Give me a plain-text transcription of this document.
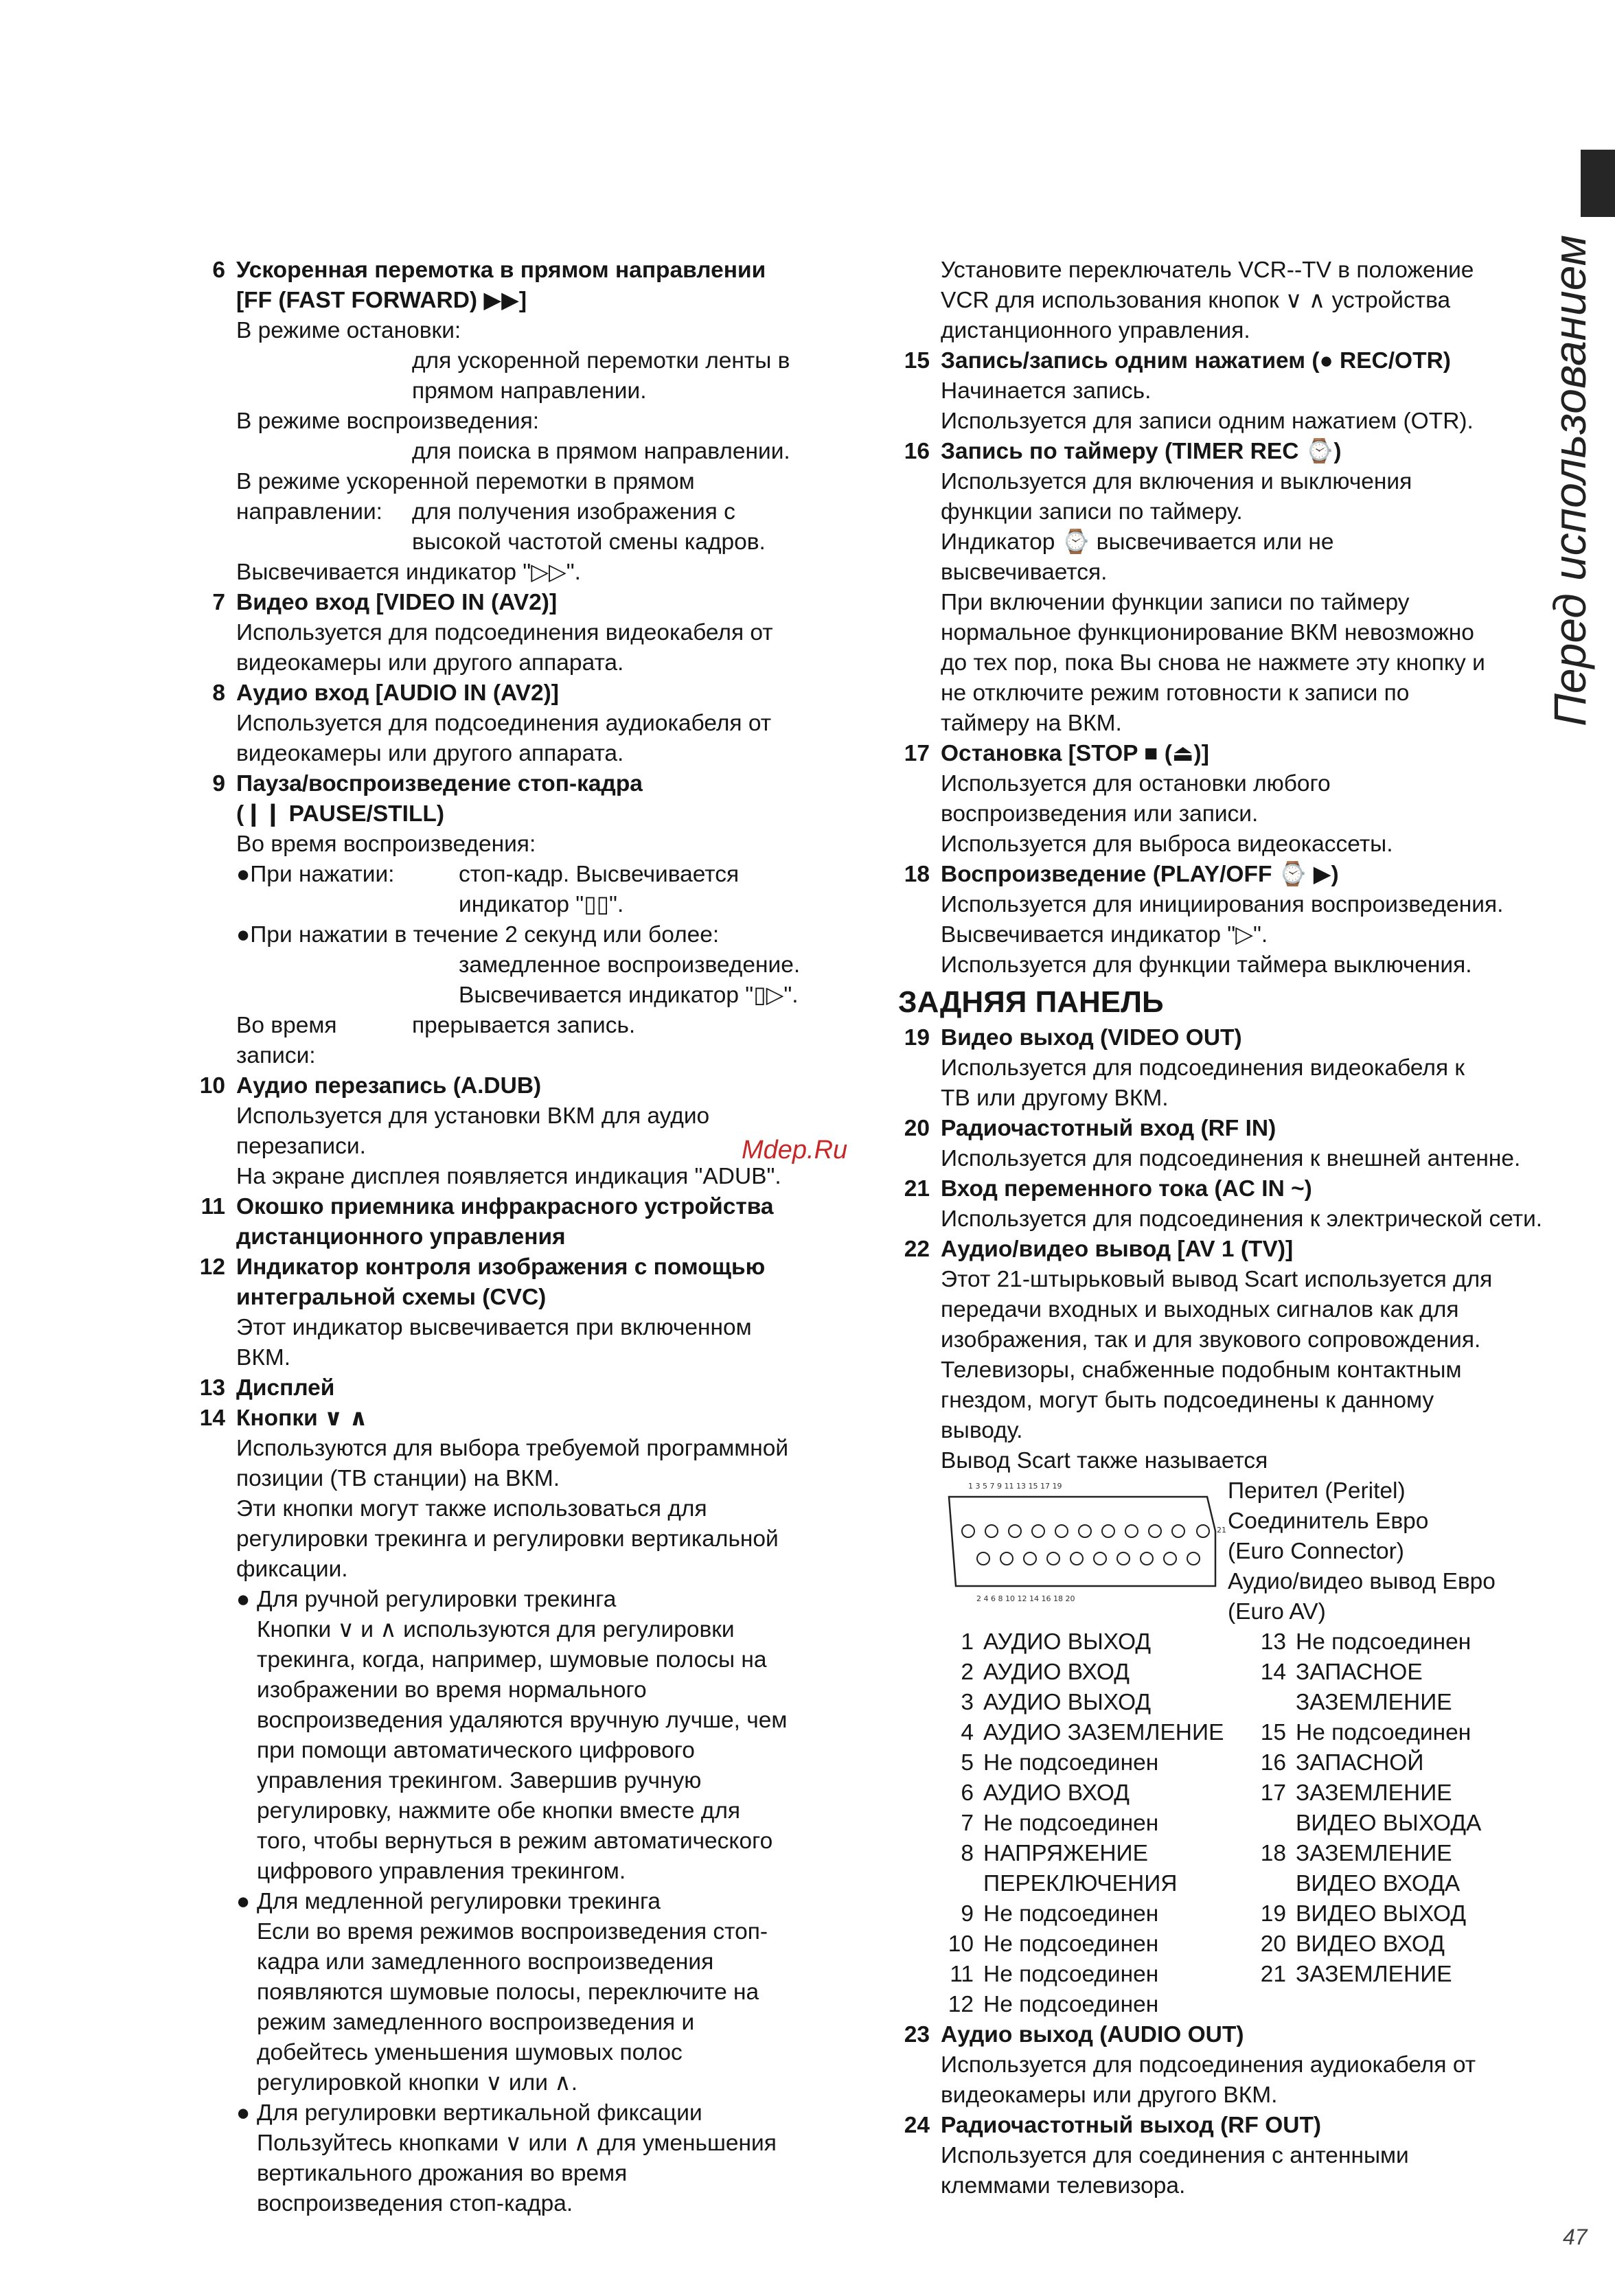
Перед использованием

6 Ускоренная перемотка в прямом направлении

[FF (FAST FORWARD) ▶▶]

В режиме остановки:

для ускоренной перемотки ленты в

прямом направлении.

В режиме воспроизведения:

для поиска в прямом направлении.

В режиме ускоренной перемотки в прямом

направлении:	для получения изображения с

высокой частотой смены кадров.

Высвечивается индикатор "▷▷".

7 Видео вход [VIDEO IN (AV2)]

Используется для подсоединения видеокабеля от

видеокамеры или другого аппарата.

8 Аудио вход [AUDIO IN (AV2)]

Используется для подсоединения аудиокабеля от

видеокамеры или другого аппарата.

9 Пауза/воспроизведение стоп-кадра

(❙❙ PAUSE/STILL)

Во время воспроизведения:

●При нажатии:	стоп-кадр. Высвечивается

индикатор "▯▯".

●При нажатии в течение 2 секунд или более:

замедленное воспроизведение.

Высвечивается индикатор "▯▷".

Во время записи:
прерывается запись.

10 Аудио перезапись (A.DUB)

Используется для установки ВКМ для аудио

перезаписи.

На экране дисплея появляется индикация "ADUB".

11 Окошко приемника инфракрасного устройства

дистанционного управления

12 Индикатор контроля изображения с помощью

интегральной схемы (CVC)

Этот индикатор высвечивается при включенном

ВКМ.

13 Дисплей

14 Кнопки ∨ ∧

Используются для выбора требуемой программной

позиции (ТВ станции) на ВКМ.

Эти кнопки могут также использоваться для

регулировки трекинга и регулировки вертикальной

фиксации.

● Для ручной регулировки трекинга

Кнопки ∨ и ∧ используются для регулировки

трекинга, когда, например, шумовые полосы на

изображении во время нормального

воспроизведения удаляются вручную лучше, чем

при помощи автоматического цифрового

управления трекингом. Завершив ручную

регулировку, нажмите обе кнопки вместе для

того, чтобы вернуться в режим автоматического

цифрового управления трекингом.

● Для медленной регулировки трекинга

Если во время режимов воспроизведения стоп-

кадра или замедленного воспроизведения

появляются шумовые полосы, переключите на

режим замедленного воспроизведения и

добейтесь уменьшения шумовых полос

регулировкой кнопки ∨ или ∧.

● Для регулировки вертикальной фиксации

Пользуйтесь кнопками ∨ или ∧ для уменьшения

вертикального дрожания во время

воспроизведения стоп-кадра.

Установите переключатель VCR--TV в положение

VCR для использования кнопок ∨ ∧ устройства

дистанционного управления.

15 Запись/запись одним нажатием (● REC/OTR)

Начинается запись.

Используется для записи одним нажатием (OTR).

16 Запись по таймеру (TIMER REC ⌚)

Используется для включения и выключения

функции записи по таймеру.

Индикатор ⌚ высвечивается или не

высвечивается.

При включении функции записи по таймеру

нормальное функционирование ВКМ невозможно

до тех пор, пока Вы снова не нажмете эту кнопку и

не отключите режим готовности к записи по

таймеру на ВКМ.

17 Остановка [STOP ■ (⏏)]

Используется для остановки любого

воспроизведения или записи.

Используется для выброса видеокассеты.

18 Воспроизведение (PLAY/OFF ⌚ ▶)

Используется для инициирования воспроизведения.

Высвечивается индикатор "▷".

Используется для функции таймера выключения.

ЗАДНЯЯ ПАНЕЛЬ

19 Видео выход (VIDEO OUT)

Используется для подсоединения видеокабеля к

ТВ или другому ВКМ.

20 Радиочастотный вход (RF IN)

Используется для подсоединения к внешней антенне.

21 Вход переменного тока (AC IN ~)

Используется для подсоединения к электрической сети.

22 Аудио/видео вывод [AV 1 (TV)]

Этот 21-штырьковый вывод Scart используется для

передачи входных и выходных сигналов как для

изображения, так и для звукового сопровождения.

Телевизоры, снабженные подобным контактным

гнездом, могут быть подсоединены к данному

выводу.

Вывод Scart также называется

1 3 5 7 9 11 13 15 17 19
21
2 4 6 8 10 12 14 16 18 20

Перител (Peritel)

Соединитель Евро

(Euro Connector)

Аудио/видео вывод Евро

(Euro AV)

1 АУДИО ВЫХОД	13 Не подсоединен
2 АУДИО ВХОД	14 ЗАПАСНОЕ
3 АУДИО ВЫХОД	ЗАЗЕМЛЕНИЕ
4 АУДИО ЗАЗЕМЛЕНИЕ	15 Не подсоединен
5 Не подсоединен	16 ЗАПАСНОЙ
6 АУДИО ВХОД	17 ЗАЗЕМЛЕНИЕ
7 Не подсоединен	ВИДЕО ВЫХОДА
8 НАПРЯЖЕНИЕ	18 ЗАЗЕМЛЕНИЕ
ПЕРЕКЛЮЧЕНИЯ	ВИДЕО ВХОДА
9 Не подсоединен	19 ВИДЕО ВЫХОД
10 Не подсоединен	20 ВИДЕО ВХОД
11 Не подсоединен	21 ЗАЗЕМЛЕНИЕ
12 Не подсоединен

23 Аудио выход (AUDIO OUT)

Используется для подсоединения аудиокабеля от

видеокамеры или другого ВКМ.

24 Радиочастотный выход (RF OUT)

Используется для соединения с антенными

клеммами телевизора.

Mdep.Ru
47
